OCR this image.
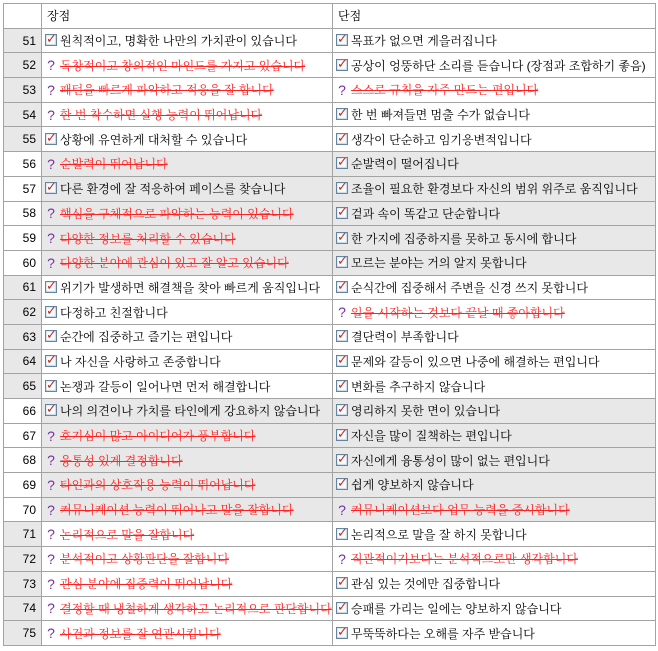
	장점	단점
51	✓원칙적이고, 명확한 나만의 가치관이 있습니다	✓목표가 없으면 게을러집니다
52	?독창적이고 창의적인 마인드를 가지고 있습니다	✓공상이 엉뚱하단 소리를 듣습니다 (장점과 조합하기 좋음)
53	?패턴을 빠르게 파악하고 적응을 잘 합니다	?스스로 규칙을 자주 만드는 편입니다
54	?한 번 착수하면 실행 능력이 뛰어납니다	✓한 번 빠져들면 멈출 수가 없습니다
55	✓상황에 유연하게 대처할 수 있습니다	✓생각이 단순하고 임기응변적입니다
56	?순발력이 뛰어납니다	✓순발력이 떨어집니다
57	✓다른 환경에 잘 적응하여 페이스를 찾습니다	✓조율이 필요한 환경보다 자신의 범위 위주로 움직입니다
58	?핵심을 구체적으로 파악하는 능력이 있습니다	✓겉과 속이 똑같고 단순합니다
59	?다양한 정보를 처리할 수 있습니다	✓한 가지에 집중하지를 못하고 동시에 합니다
60	?다양한 분야에 관심이 있고 잘 알고 있습니다	✓모르는 분야는 거의 알지 못합니다
61	✓위기가 발생하면 해결책을 찾아 빠르게 움직입니다	✓순식간에 집중해서 주변을 신경 쓰지 못합니다
62	✓다정하고 친절합니다	?일을 시작하는 것보다 끝날 때 좋아합니다
63	✓순간에 집중하고 즐기는 편입니다	✓결단력이 부족합니다
64	✓나 자신을 사랑하고 존중합니다	✓문제와 갈등이 있으면 나중에 해결하는 편입니다
65	✓논쟁과 갈등이 일어나면 먼저 해결합니다	✓변화를 추구하지 않습니다
66	✓나의 의견이나 가치를 타인에게 강요하지 않습니다	✓영리하지 못한 면이 있습니다
67	?호기심이 많고 아이디어가 풍부합니다	✓자신을 많이 질책하는 편입니다
68	?융통성 있게 결정합니다	✓자신에게 융통성이 많이 없는 편입니다
69	?타인과의 상호작용 능력이 뛰어납니다	✓쉽게 양보하지 않습니다
70	?커뮤니케이션 능력이 뛰어나고 말을 잘합니다	?커뮤니케이션보다 업무 능력을 중시합니다
71	?논리적으로 말을 잘합니다	✓논리적으로 말을 잘 하지 못합니다
72	?분석적이고 상황판단을 잘합니다	?직관적이기보다는 분석적으로만 생각합니다
73	?관심 분야에 집중력이 뛰어납니다	✓관심 있는 것에만 집중합니다
74	?결정할 때 냉철하게 생각하고 논리적으로 판단합니다	✓승패를 가리는 일에는 양보하지 않습니다
75	?사건과 정보를 잘 연관시킵니다	✓무뚝뚝하다는 오해를 자주 받습니다
